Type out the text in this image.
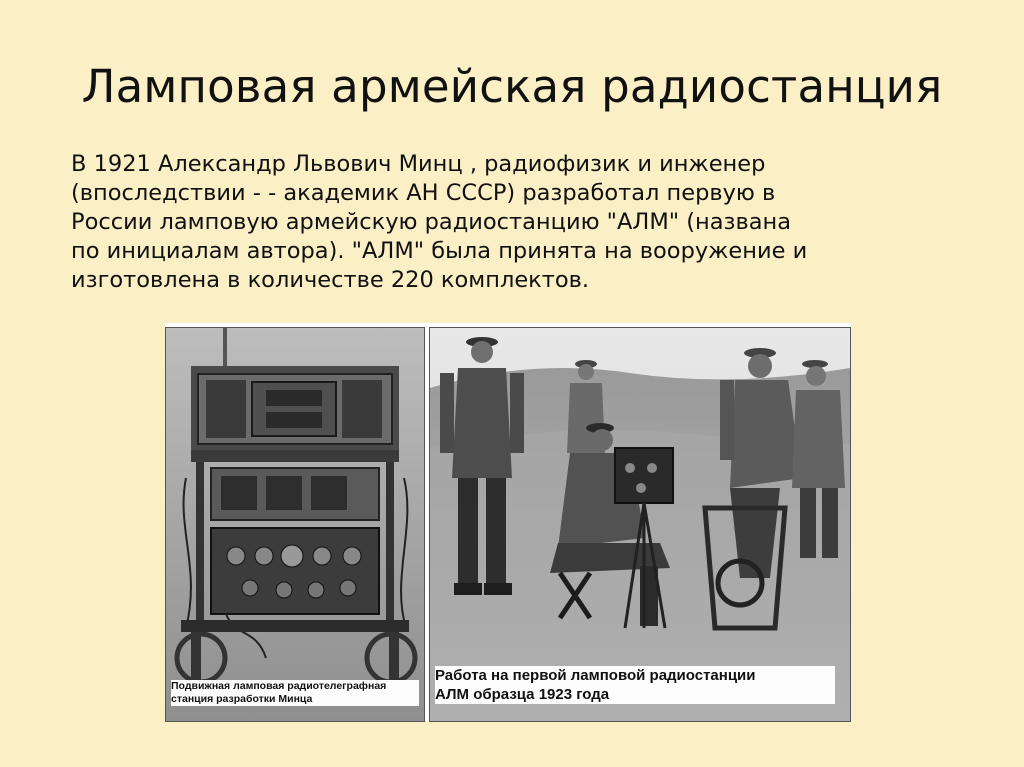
Ламповая армейская радиостанция
В 1921 Александр Львович Минц , радиофизик и инженер
(впоследствии - - академик АН СССР) разработал первую в
России ламповую армейскую радиостанцию "АЛМ" (названа
по инициалам автора). "АЛМ" была принята на вооружение и
изготовлена в количестве 220 комплектов.
Подвижная ламповая радиотелеграфная
станция разработки Минца
Работа на первой ламповой радиостанции
АЛМ образца 1923 года
